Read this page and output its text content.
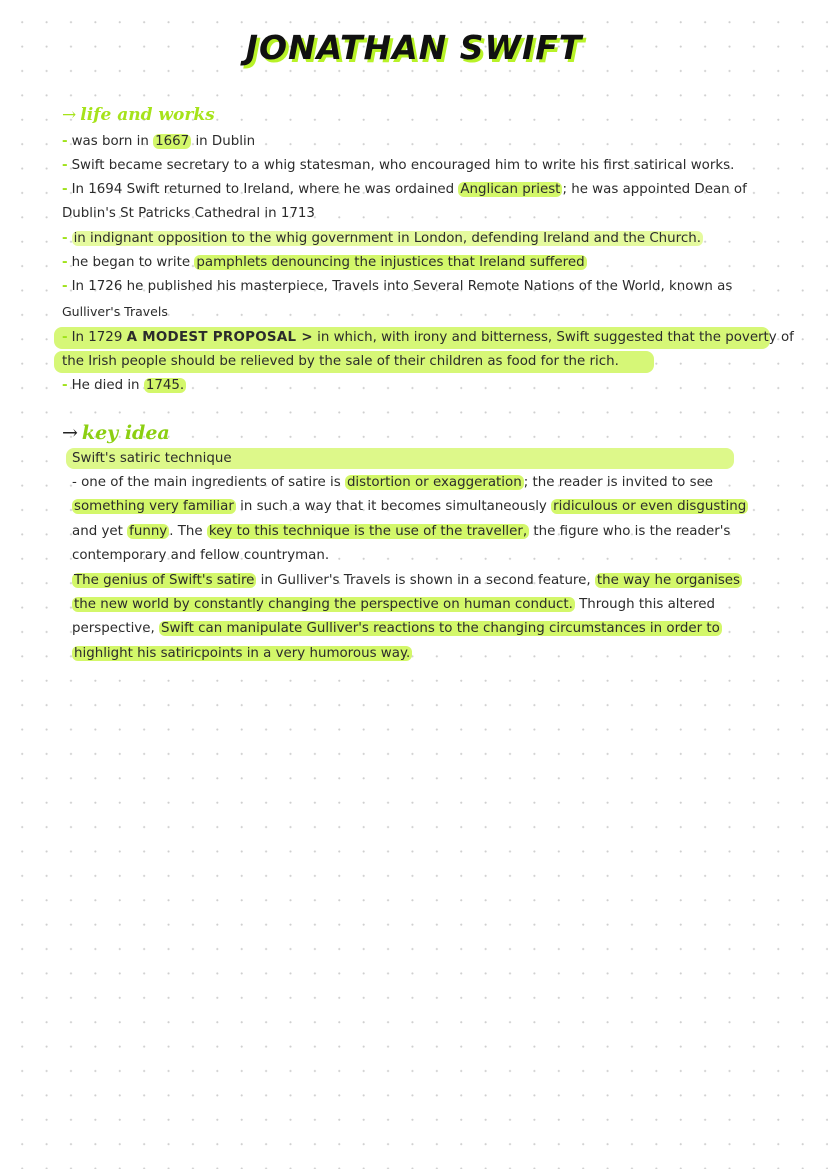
JONATHAN SWIFT
→ life and works
- was born in 1667 in Dublin
- Swift became secretary to a whig statesman, who encouraged him to write his first satirical works.
- In 1694 Swift returned to Ireland, where he was ordained Anglican priest ; he was appointed Dean of
Dublin's St Patricks Cathedral in 1713
- in indignant opposition to the whig government in London, defending Ireland and the Church.
- he began to write pamphlets denouncing the injustices that Ireland suffered
- In 1726 he published his masterpiece, Travels into Several Remote Nations of the World, known as
Gulliver's Travels
- In 1729 A MODEST PROPOSAL > in which, with irony and bitterness, Swift suggested that the poverty of
the Irish people should be relieved by the sale of their children as food for the rich.
- He died in 1745.
→ key idea
Swift's satiric technique
- one of the main ingredients of satire is distortion or exaggeration ; the reader is invited to see
something very familiar in such a way that it becomes simultaneously ridiculous or even disgusting
and yet funny . The key to this technique is the use of the traveller, the figure who is the reader's
contemporary and fellow countryman.
The genius of Swift's satire in Gulliver's Travels is shown in a second feature, the way he organises
the new world by constantly changing the perspective on human conduct. Through this altered
perspective, Swift can manipulate Gulliver's reactions to the changing circumstances in order to
highlight his satiricpoints in a very humorous way.
